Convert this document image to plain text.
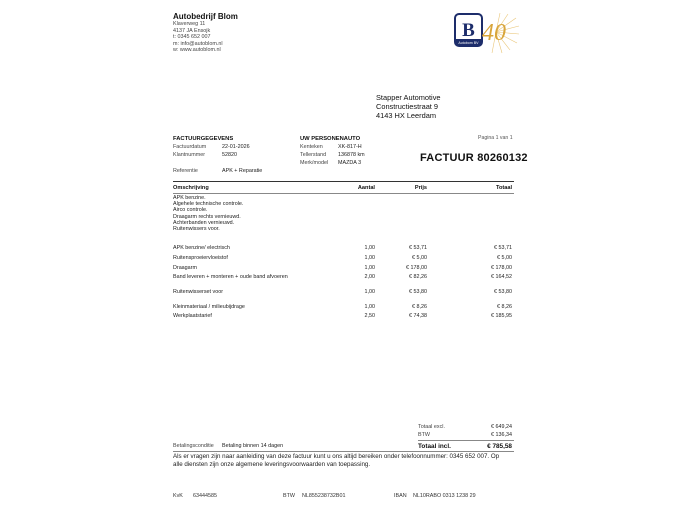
Autobedrijf Blom
Klaverweg 11
4137 JA Ensojk
t: 0345 652 007
m: info@autoblom.nl
w: www.autoblom.nl
B
Autobom BV 40
Stapper Automotive
Constructiestraat 9
4143 HX Leerdam
FACTUURGEGEVENS
Factuurdatum	22-01-2026
Klantnummer	52820
Referentie	APK + Reparatie
UW PERSONENAUTO
Kenteken	XK-817-H
Tellerstand 136878 km
Merk/model MAZDA 3
Pagina 1 van 1
FACTUUR 80260132
Omschrijving	Aantal	Prijs	Totaal
APK benzine.
Algehele technische controle.
Airco controle.
Draagarm rechts vernieuwd.
Achterbanden vernieuwd.
Ruitenwissers voor.
APK benzine/ electrisch	1,00	€ 53,71	€ 53,71
Ruitensproeiervloeistof	1,00	€ 5,00	€ 5,00
Draagarm	1,00	€ 178,00	€ 178,00
Band leveren + monteren + oude band afvoeren	2,00	€ 82,26	€ 164,52
Ruitenwisserset voor	1,00	€ 53,80	€ 53,80
Kleinmateriaal / milieubijdrage	1,00	€ 8,26	€ 8,26
Werkplaatstarief	2,50	€ 74,38	€ 185,95
Totaal excl.	€ 649,24
BTW	€ 136,34
Totaal incl.	€ 785,58
Betalingsconditie Betaling binnen 14 dagen
Als er vragen zijn naar aanleiding van deze factuur kunt u ons altijd bereiken onder telefoonnummer: 0345 652 007. Op
alle diensten zijn onze algemene leveringsvoorwaarden van toepassing.
KvK 63444585	BTW NL855238732B01	IBAN NL10RABO 0313 1238 29
